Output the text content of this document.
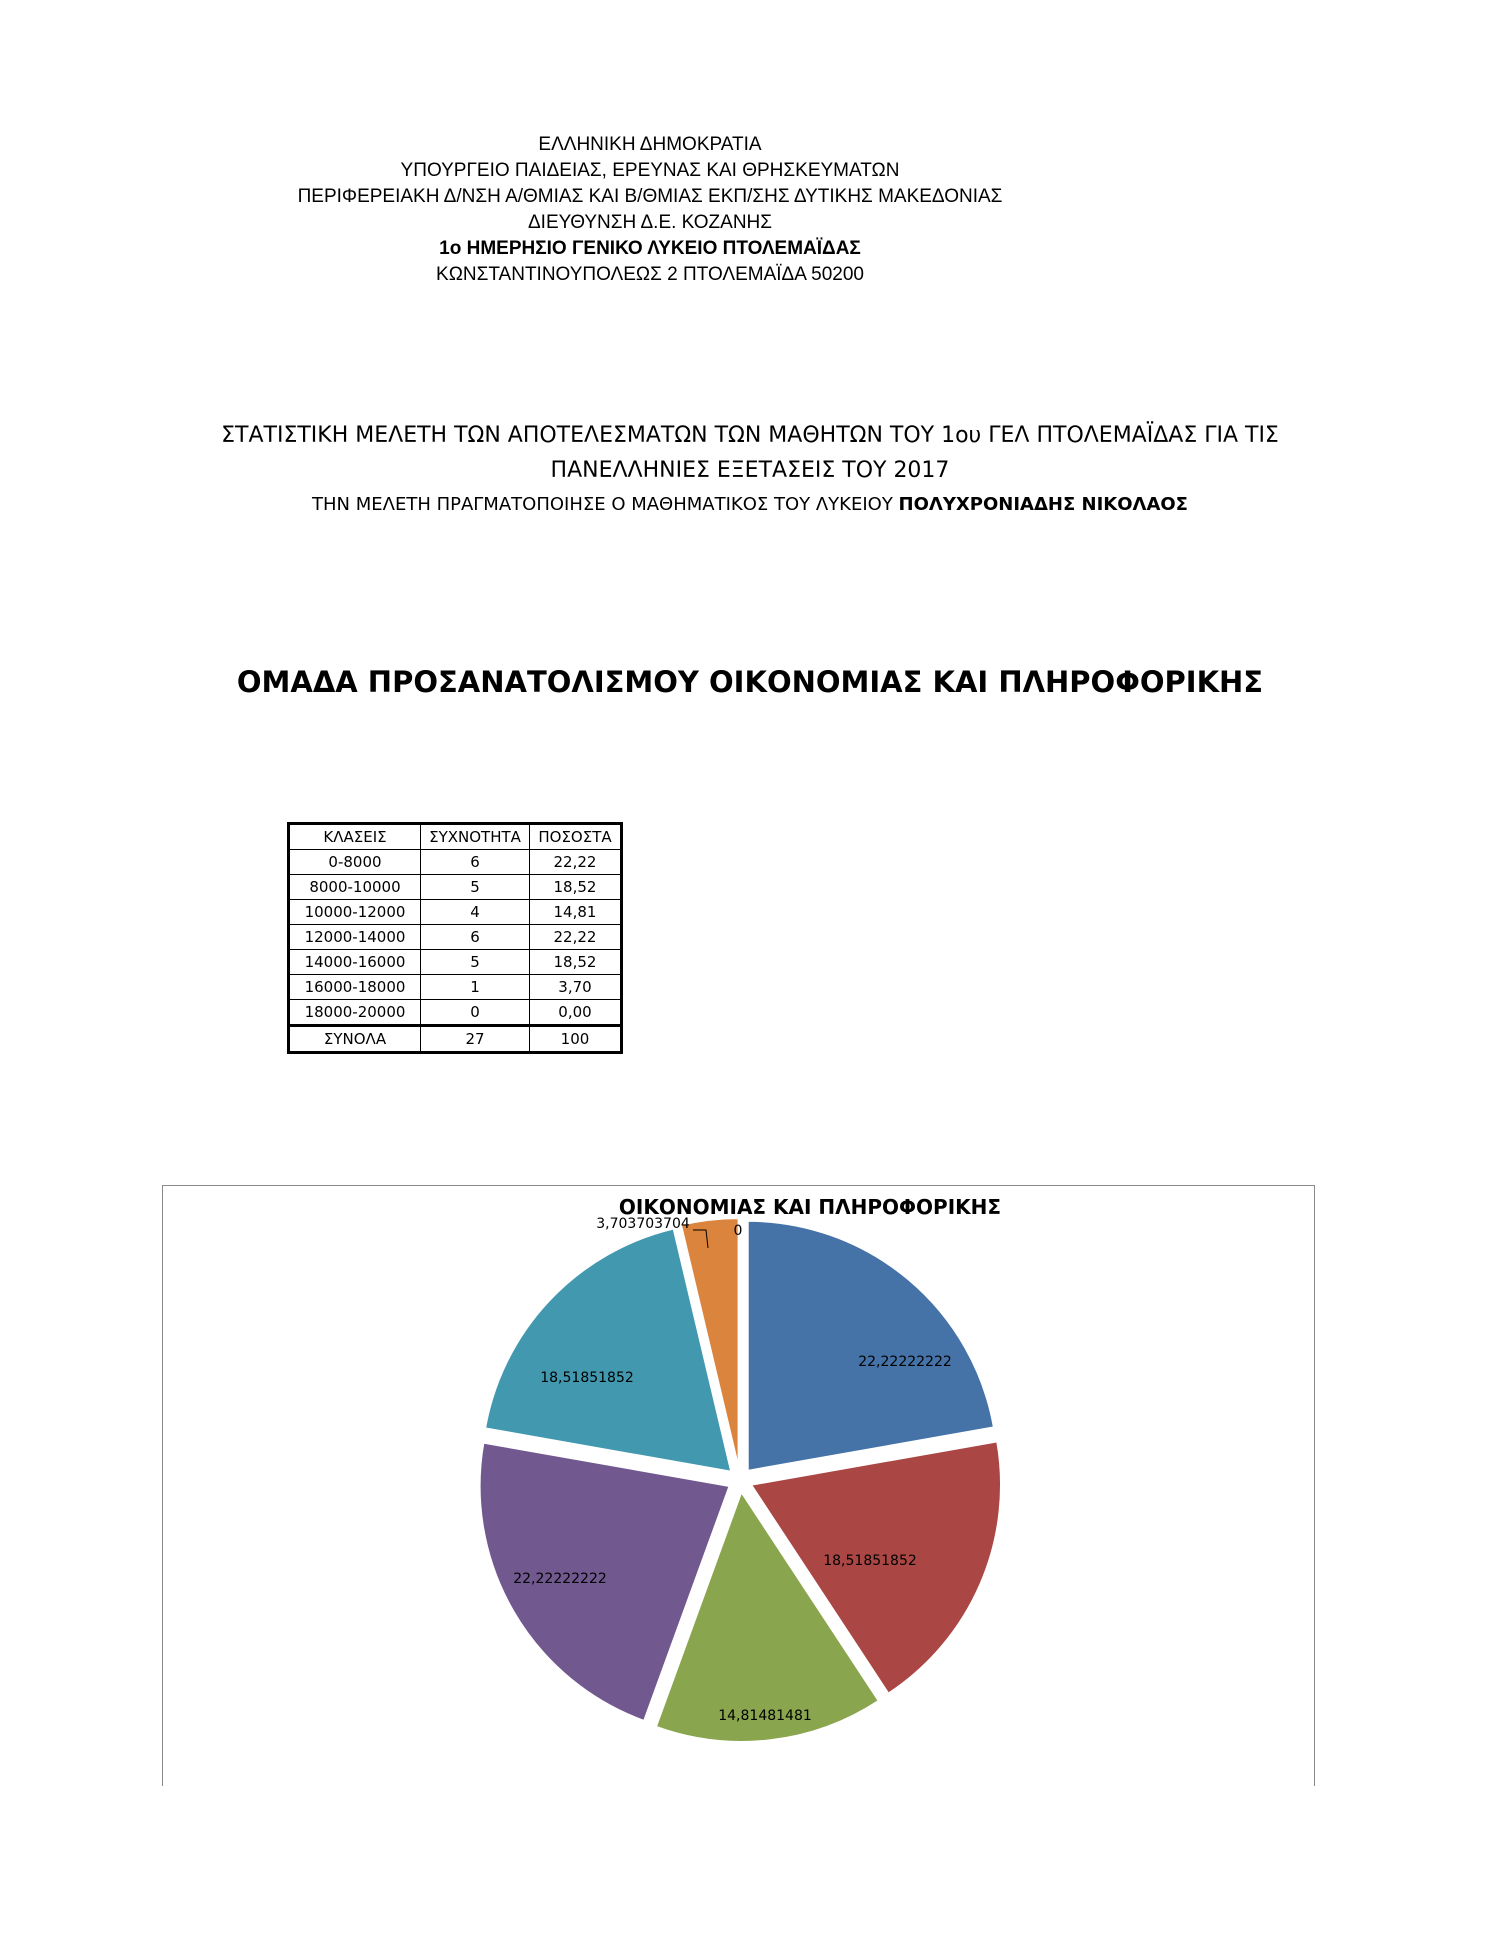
ΕΛΛΗΝΙΚΗ ΔΗΜΟΚΡΑΤΙΑ
ΥΠΟΥΡΓΕΙΟ ΠΑΙΔΕΙΑΣ, ΕΡΕΥΝΑΣ ΚΑΙ ΘΡΗΣΚΕΥΜΑΤΩΝ
ΠΕΡΙΦΕΡΕΙΑΚΗ Δ/ΝΣΗ Α/ΘΜΙΑΣ ΚΑΙ Β/ΘΜΙΑΣ ΕΚΠ/ΣΗΣ ΔΥΤΙΚΗΣ ΜΑΚΕΔΟΝΙΑΣ
ΔΙΕΥΘΥΝΣΗ Δ.Ε. ΚΟΖΑΝΗΣ
1ο ΗΜΕΡΗΣΙΟ ΓΕΝΙΚΟ ΛΥΚΕΙΟ ΠΤΟΛΕΜΑΪΔΑΣ
ΚΩΝΣΤΑΝΤΙΝΟΥΠΟΛΕΩΣ 2 ΠΤΟΛΕΜΑΪΔΑ 50200
ΣΤΑΤΙΣΤΙΚΗ ΜΕΛΕΤΗ ΤΩΝ ΑΠΟΤΕΛΕΣΜΑΤΩΝ ΤΩΝ ΜΑΘΗΤΩΝ ΤΟΥ 1ου ΓΕΛ ΠΤΟΛΕΜΑΪΔΑΣ ΓΙΑ ΤΙΣ
ΠΑΝΕΛΛΗΝΙΕΣ ΕΞΕΤΑΣΕΙΣ ΤΟΥ 2017
ΤΗΝ ΜΕΛΕΤΗ ΠΡΑΓΜΑΤΟΠΟΙΗΣΕ Ο ΜΑΘΗΜΑΤΙΚΟΣ ΤΟΥ ΛΥΚΕΙΟΥ ΠΟΛΥΧΡΟΝΙΑΔΗΣ ΝΙΚΟΛΑΟΣ
ΟΜΑΔΑ ΠΡΟΣΑΝΑΤΟΛΙΣΜΟΥ ΟΙΚΟΝΟΜΙΑΣ ΚΑΙ ΠΛΗΡΟΦΟΡΙΚΗΣ
ΚΛΑΣΕΙΣ	ΣΥΧΝΟΤΗΤΑ	ΠΟΣΟΣΤΑ
0-8000	6	22,22
8000-10000	5	18,52
10000-12000	4	14,81
12000-14000	6	22,22
14000-16000	5	18,52
16000-18000	1	3,70
18000-20000	0	0,00
ΣΥΝΟΛΑ	27	100
ΟΙΚΟΝΟΜΙΑΣ ΚΑΙ ΠΛΗΡΟΦΟΡΙΚΗΣ
22,22222222
18,51851852
14,81481481
22,22222222
18,51851852
3,703703704	0
